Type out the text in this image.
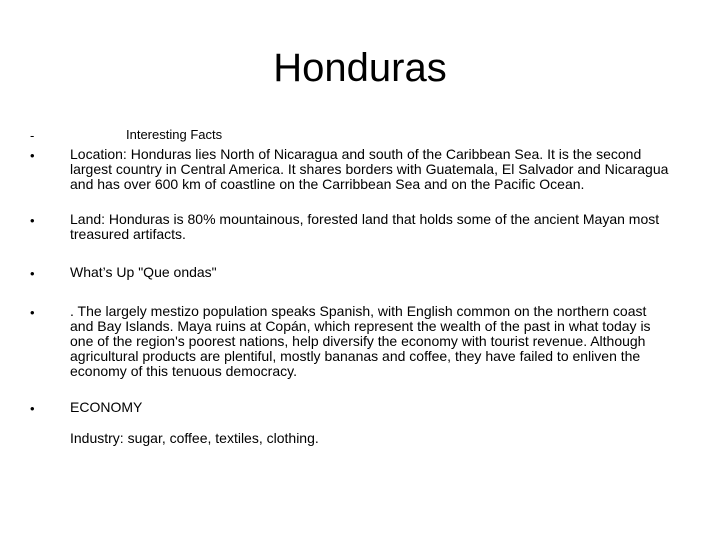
Honduras
-	Interesting Facts
•	Location: Honduras lies North of Nicaragua and south of the Caribbean Sea. It is the second largest country in Central America. It shares borders with Guatemala, El Salvador and Nicaragua and has over 600 km of coastline on the Carribbean Sea and on the Pacific Ocean.
•	Land: Honduras is 80% mountainous, forested land that holds some of the ancient Mayan most treasured artifacts.
•	What’s Up "Que ondas"
•	. The largely mestizo population speaks Spanish, with English common on the northern coast and Bay Islands. Maya ruins at Copán, which represent the wealth of the past in what today is one of the region's poorest nations, help diversify the economy with tourist revenue. Although agricultural products are plentiful, mostly bananas and coffee, they have failed to enliven the economy of this tenuous democracy.
•	ECONOMY
Industry: sugar, coffee, textiles, clothing.
